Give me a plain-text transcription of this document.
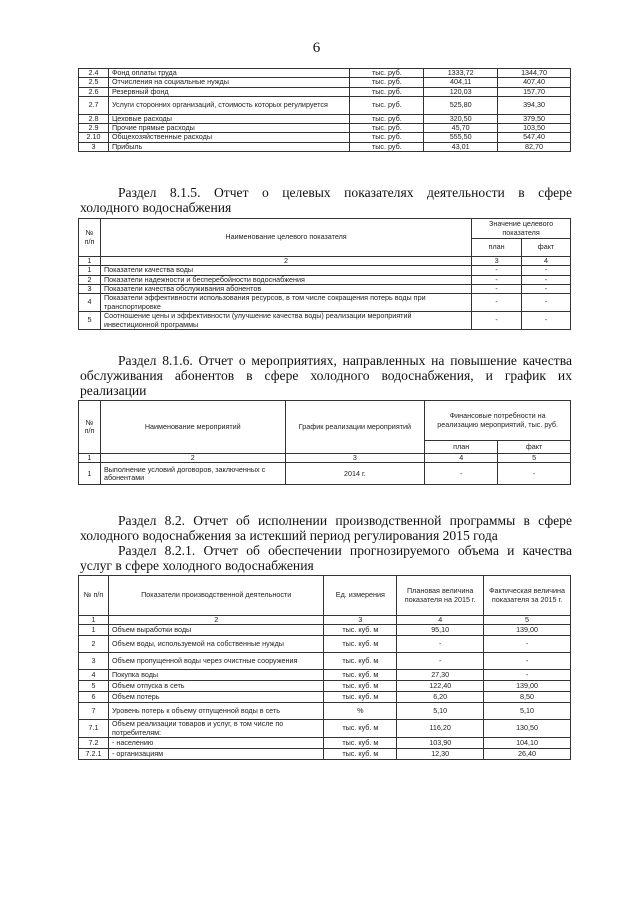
6
2.4	Фонд оплаты труда	тыс. руб.	1333,72	1344,70
2.5	Отчисления на социальные нужды	тыс. руб.	404,11	407,40
2.6	Резервный фонд	тыс. руб.	120,03	157,70
2.7	Услуги сторонних организаций, стоимость которых регулируется	тыс. руб.	525,80	394,30
2.8	Цеховые расходы	тыс. руб.	320,50	379,50
2.9	Прочие прямые расходы	тыс. руб.	45,70	103,50
2.10	Общехозяйственные расходы	тыс. руб.	555,50	547,40
3	Прибыль	тыс. руб.	43,01	82,70
Раздел 8.1.5. Отчет о целевых показателях деятельности в сфере
холодного водоснабжения
№ п/п	Наименование целевого показателя	Значение целевого показателя	
		план	факт
1	2	3	4
1	Показатели качества воды	-	-
2	Показатели надежности и бесперебойности водоснабжения	-	-
3	Показатели качества обслуживания абонентов	-	-
4	Показатели эффективности использования ресурсов, в том числе сокращения потерь воды при транспортировке	-	-
5	Соотношение цены и эффективности (улучшение качества воды) реализации мероприятий инвестиционной программы	-	-
Раздел 8.1.6. Отчет о мероприятиях, направленных на повышение качества
обслуживания абонентов в сфере холодного водоснабжения, и график их
реализации
№ п/п	Наименование мероприятий	График реализации мероприятий	Финансовые потребности на реализацию мероприятий, тыс. руб.	
			план	факт
1	2	3	4	5
1	Выполнение условий договоров, заключенных с абонентами	2014 г.	-	-
Раздел 8.2. Отчет об исполнении производственной программы в сфере
холодного водоснабжения за истекший период регулирования 2015 года
Раздел 8.2.1. Отчет об обеспечении прогнозируемого объема и качества
услуг в сфере холодного водоснабжения
№ п/п	Показатели производственной деятельности	Ед. измерения	Плановая величина показателя на 2015 г.	Фактическая величина показателя за 2015 г.
1	2	3	4	5
1	Объем выработки воды	тыс. куб. м	95,10	139,00
2	Объем воды, используемой на собственные нужды	тыс. куб. м	-	-
3	Объем пропущенной воды через очистные сооружения	тыс. куб. м	-	-
4	Покупка воды	тыс. куб. м	27,30	-
5	Объем отпуска в сеть	тыс. куб. м	122,40	139,00
6	Объем потерь	тыс. куб. м	6,20	8,50
7	Уровень потерь к объему отпущенной воды в сеть	%	5,10	5,10
7.1	Объем реализации товаров и услуг, в том числе по потребителям:	тыс. куб. м	116,20	130,50
7.2	- населению	тыс. куб. м	103,90	104,10
7.2.1	- организациям	тыс. куб. м	12,30	26,40
